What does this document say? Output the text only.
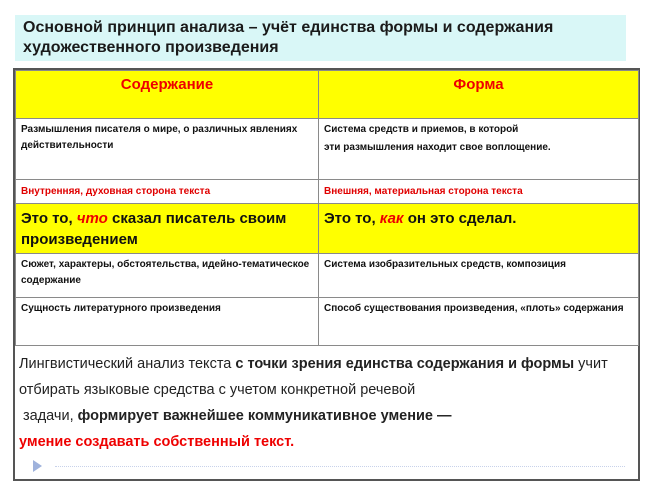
Основной принцип анализа – учёт единства формы и содержания художественного произведения
Содержание	Форма
Размышления писателя о мире, о различных явлениях действительности	Система средств и приемов, в которой
эти размышления находит свое воплощение.

Внутренняя, духовная сторона текста	Внешняя, материальная сторона текста
Это то, что сказал писатель своим произведением	Это то, как он это сделал.
Сюжет, характеры, обстоятельства, идейно-тематическое содержание	Система изобразительных средств, композиция
Сущность литературного произведения	Способ существования произведения, «плоть» содержания

Лингвистический анализ текста с точки зрения единства содержания и формы учит отбирать языковые средства с учетом конкретной речевой

задачи, формирует важнейшее коммуникативное умение —

умение создавать собственный текст.
